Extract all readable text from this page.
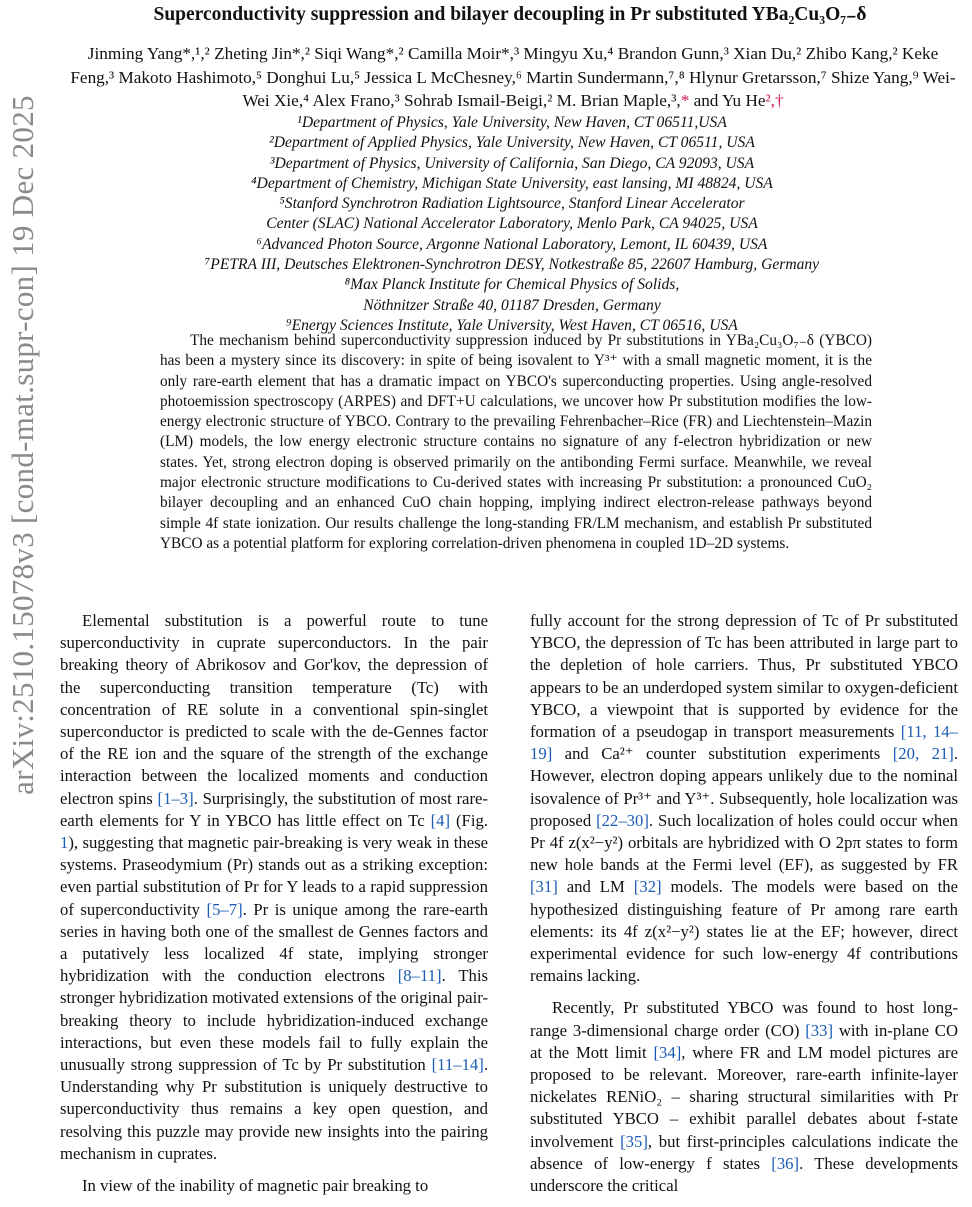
arXiv:2510.15078v3 [cond-mat.supr-con] 19 Dec 2025
Superconductivity suppression and bilayer decoupling in Pr substituted YBa₂Cu₃O₇₋δ
Jinming Yang*,¹,² Zheting Jin*,² Siqi Wang*,² Camilla Moir*,³ Mingyu Xu,⁴ Brandon Gunn,³ Xian Du,² Zhibo Kang,² Keke Feng,³ Makoto Hashimoto,⁵ Donghui Lu,⁵ Jessica L McChesney,⁶ Martin Sundermann,⁷,⁸ Hlynur Gretarsson,⁷ Shize Yang,⁹ Wei-Wei Xie,⁴ Alex Frano,³ Sohrab Ismail-Beigi,² M. Brian Maple,³,* and Yu He²,†
¹Department of Physics, Yale University, New Haven, CT 06511,USA
²Department of Applied Physics, Yale University, New Haven, CT 06511, USA
³Department of Physics, University of California, San Diego, CA 92093, USA
⁴Department of Chemistry, Michigan State University, east lansing, MI 48824, USA
⁵Stanford Synchrotron Radiation Lightsource, Stanford Linear Accelerator
Center (SLAC) National Accelerator Laboratory, Menlo Park, CA 94025, USA
⁶Advanced Photon Source, Argonne National Laboratory, Lemont, IL 60439, USA
⁷PETRA III, Deutsches Elektronen-Synchrotron DESY, Notkestraße 85, 22607 Hamburg, Germany
⁸Max Planck Institute for Chemical Physics of Solids,
Nöthnitzer Straße 40, 01187 Dresden, Germany
⁹Energy Sciences Institute, Yale University, West Haven, CT 06516, USA

The mechanism behind superconductivity suppression induced by Pr substitutions in YBa₂Cu₃O₇₋δ (YBCO) has been a mystery since its discovery: in spite of being isovalent to Y³⁺ with a small magnetic moment, it is the only rare-earth element that has a dramatic impact on YBCO's superconducting properties. Using angle-resolved photoemission spectroscopy (ARPES) and DFT+U calculations, we uncover how Pr substitution modifies the low-energy electronic structure of YBCO. Contrary to the prevailing Fehrenbacher–Rice (FR) and Liechtenstein–Mazin (LM) models, the low energy electronic structure contains no signature of any f-electron hybridization or new states. Yet, strong electron doping is observed primarily on the antibonding Fermi surface. Meanwhile, we reveal major electronic structure modifications to Cu-derived states with increasing Pr substitution: a pronounced CuO₂ bilayer decoupling and an enhanced CuO chain hopping, implying indirect electron-release pathways beyond simple 4f state ionization. Our results challenge the long-standing FR/LM mechanism, and establish Pr substituted YBCO as a potential platform for exploring correlation-driven phenomena in coupled 1D–2D systems.

Elemental substitution is a powerful route to tune superconductivity in cuprate superconductors. In the pair breaking theory of Abrikosov and Gor'kov, the depression of the superconducting transition temperature (Tc) with concentration of RE solute in a conventional spin-singlet superconductor is predicted to scale with the de-Gennes factor of the RE ion and the square of the strength of the exchange interaction between the localized moments and conduction electron spins [1–3]. Surprisingly, the substitution of most rare-earth elements for Y in YBCO has little effect on Tc [4] (Fig. 1), suggesting that magnetic pair-breaking is very weak in these systems. Praseodymium (Pr) stands out as a striking exception: even partial substitution of Pr for Y leads to a rapid suppression of superconductivity [5–7]. Pr is unique among the rare-earth series in having both one of the smallest de Gennes factors and a putatively less localized 4f state, implying stronger hybridization with the conduction electrons [8–11]. This stronger hybridization motivated extensions of the original pair-breaking theory to include hybridization-induced exchange interactions, but even these models fail to fully explain the unusually strong suppression of Tc by Pr substitution [11–14]. Understanding why Pr substitution is uniquely destructive to superconductivity thus remains a key open question, and resolving this puzzle may provide new insights into the pairing mechanism in cuprates.

In view of the inability of magnetic pair breaking to

fully account for the strong depression of Tc of Pr substituted YBCO, the depression of Tc has been attributed in large part to the depletion of hole carriers. Thus, Pr substituted YBCO appears to be an underdoped system similar to oxygen-deficient YBCO, a viewpoint that is supported by evidence for the formation of a pseudogap in transport measurements [11, 14–19] and Ca²⁺ counter substitution experiments [20, 21]. However, electron doping appears unlikely due to the nominal isovalence of Pr³⁺ and Y³⁺. Subsequently, hole localization was proposed [22–30]. Such localization of holes could occur when Pr 4f z(x²−y²) orbitals are hybridized with O 2pπ states to form new hole bands at the Fermi level (EF), as suggested by FR [31] and LM [32] models. The models were based on the hypothesized distinguishing feature of Pr among rare earth elements: its 4f z(x²−y²) states lie at the EF; however, direct experimental evidence for such low-energy 4f contributions remains lacking.

Recently, Pr substituted YBCO was found to host long-range 3-dimensional charge order (CO) [33] with in-plane CO at the Mott limit [34], where FR and LM model pictures are proposed to be relevant. Moreover, rare-earth infinite-layer nickelates RENiO₂ – sharing structural similarities with Pr substituted YBCO – exhibit parallel debates about f-state involvement [35], but first-principles calculations indicate the absence of low-energy f states [36]. These developments underscore the critical
